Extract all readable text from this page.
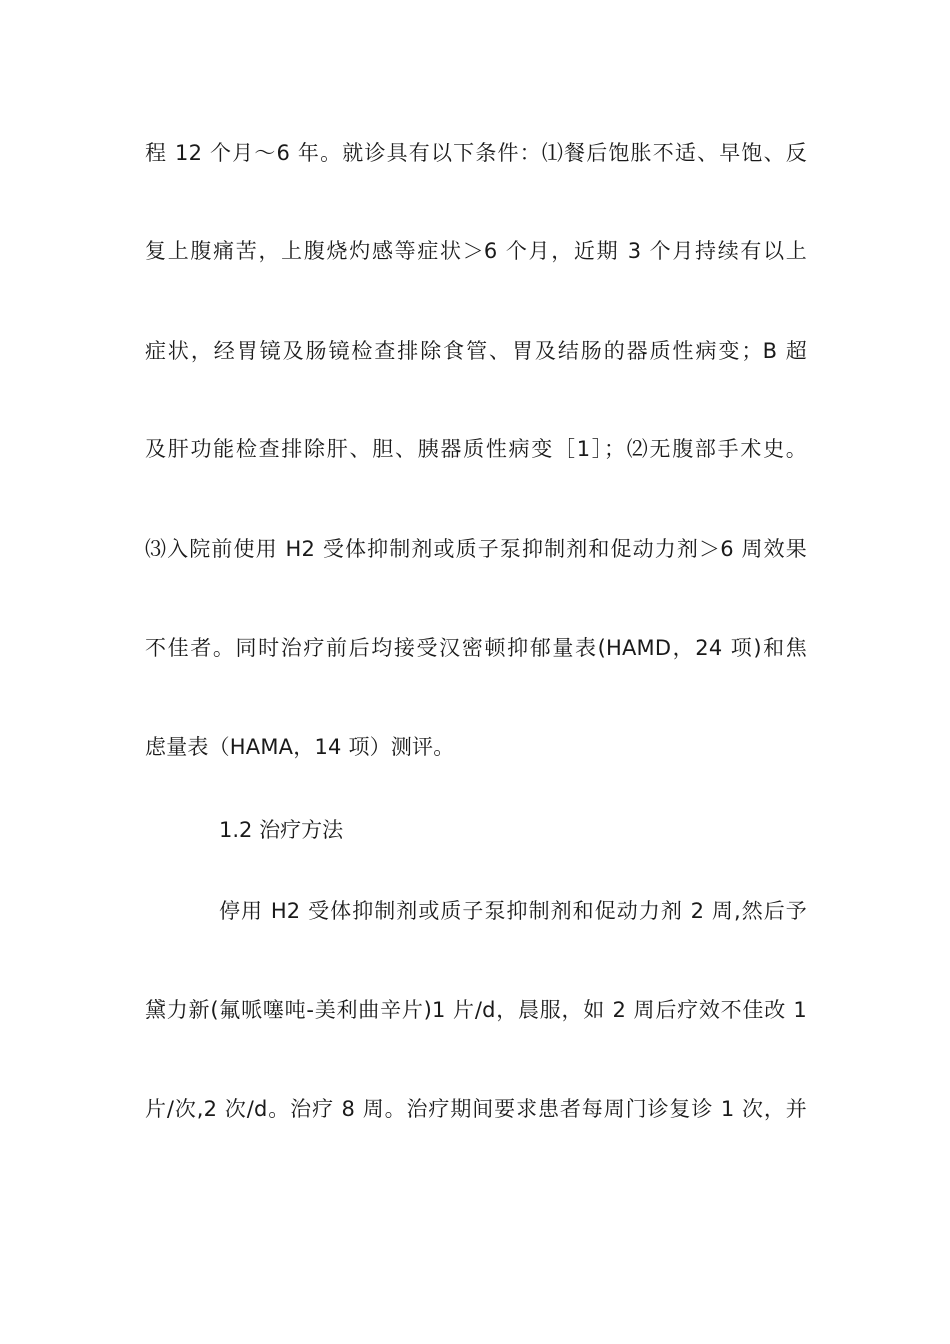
程 12 个月～6 年。就诊具有以下条件：⑴餐后饱胀不适、早饱、反
复上腹痛苦，上腹烧灼感等症状＞6 个月，近期 3 个月持续有以上
症状，经胃镜及肠镜检查排除食管、胃及结肠的器质性病变；B 超
及肝功能检查排除肝、胆、胰器质性病变［1］；⑵无腹部手术史。
⑶入院前使用 H2 受体抑制剂或质子泵抑制剂和促动力剂＞6 周效果
不佳者。同时治疗前后均接受汉密顿抑郁量表(HAMD，24 项)和焦
虑量表（HAMA，14 项）测评。
1.2 治疗方法
停用 H2 受体抑制剂或质子泵抑制剂和促动力剂 2 周,然后予
黛力新(氟哌噻吨-美利曲辛片)1 片/d，晨服，如 2 周后疗效不佳改 1
片/次,2 次/d。治疗 8 周。治疗期间要求患者每周门诊复诊 1 次，并
